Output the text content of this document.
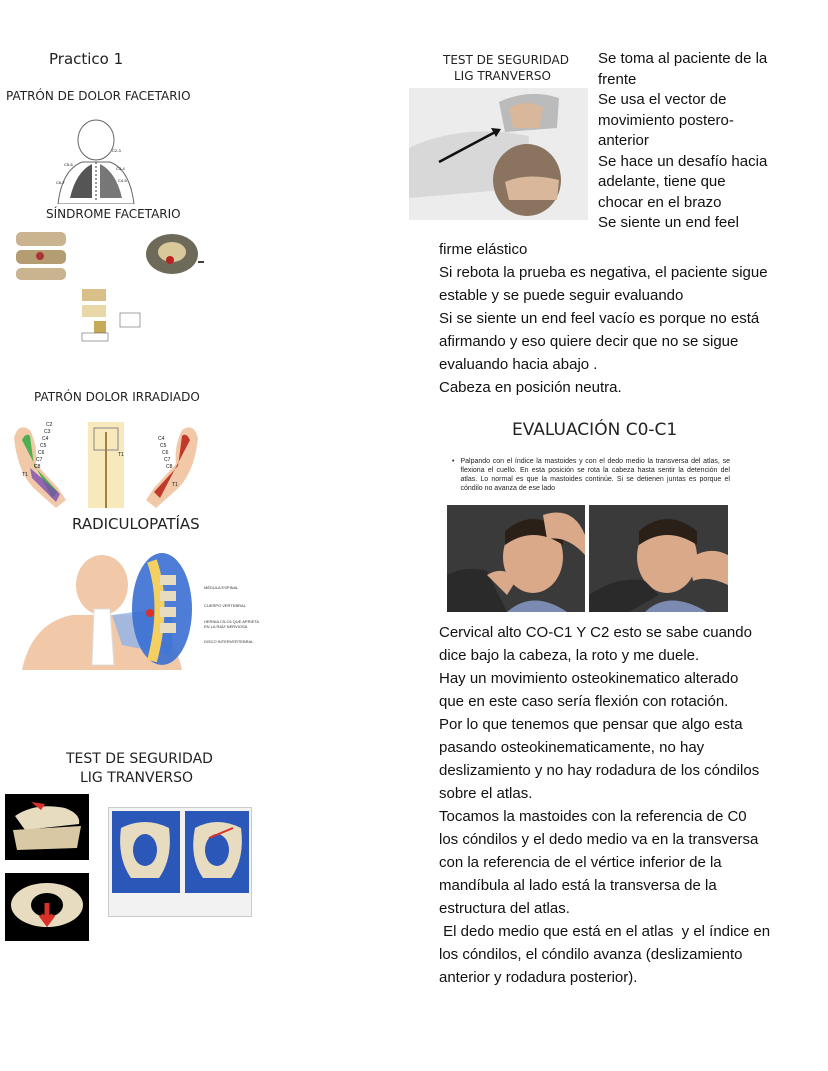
Practico 1
PATRÓN DE DOLOR FACETARIO
C5-6
C6-7
C2-3
C3-4
C4-5
SÍNDROME FACETARIO
PATRÓN DOLOR IRRADIADO
C2
C3
C4
C5
C6
C7
C8
T1
C4
C5
C6
C7
C8
T1
T1
RADICULOPATÍAS
MÉDULA ESPINAL
CUERPO VERTEBRAL
HERNIA C5-C6 QUE APRIETA EN LA RAÍZ NERVIOSA
DISCO INTERVERTEBRAL
TEST DE SEGURIDAD
LIG TRANVERSO
TEST DE SEGURIDAD
LIG TRANVERSO
Se toma al paciente de la
frente
Se usa el vector de
movimiento postero-
anterior
Se hace un desafío hacia
adelante, tiene que
chocar en el brazo
Se siente un end feel
firme elástico
Si rebota la prueba es negativa, el paciente sigue
estable y se puede seguir evaluando
Si se siente un end feel vacío es porque no está
afirmando y eso quiere decir que no se sigue
evaluando hacia abajo .
Cabeza en posición neutra.
EVALUACIÓN C0-C1
• Palpando con el índice la mastoides y con el dedo medio la transversa del atlas, se flexiona el cuello. En esta posición se rota la cabeza hasta sentir la detención del atlas. Lo normal es que la mastoides continúe. Si se detienen juntas es porque el cóndilo no avanza de ese lado
Cervical alto CO-C1 Y C2 esto se sabe cuando
dice bajo la cabeza, la roto y me duele.
Hay un movimiento osteokinematico alterado
que en este caso sería flexión con rotación.
Por lo que tenemos que pensar que algo esta
pasando osteokinematicamente, no hay
deslizamiento y no hay rodadura de los cóndilos
sobre el atlas.
Tocamos la mastoides con la referencia de C0
los cóndilos y el dedo medio va en la transversa
con la referencia de el vértice inferior de la
mandíbula al lado está la transversa de la
estructura del atlas.
El dedo medio que está en el atlas  y el índice en
los cóndilos, el cóndilo avanza (deslizamiento
anterior y rodadura posterior).
